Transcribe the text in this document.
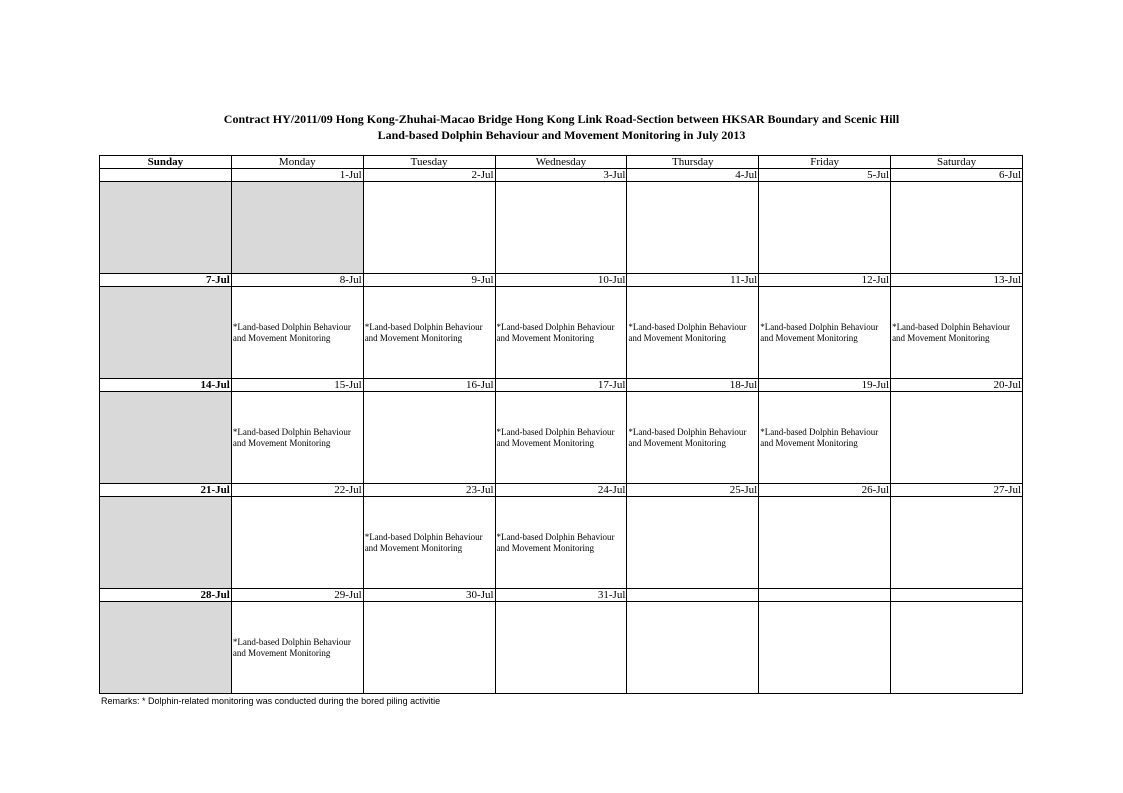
Contract HY/2011/09 Hong Kong-Zhuhai-Macao Bridge Hong Kong Link Road-Section between HKSAR Boundary and Scenic Hill
Land-based Dolphin Behaviour and Movement Monitoring in July 2013
Sunday	Monday	Tuesday	Wednesday	Thursday	Friday	Saturday
	1-Jul	2-Jul	3-Jul	4-Jul	5-Jul	6-Jul

7-Jul	8-Jul	9-Jul	10-Jul	11-Jul	12-Jul	13-Jul

	*Land-based Dolphin Behaviour
and Movement Monitoring	*Land-based Dolphin Behaviour
and Movement Monitoring	*Land-based Dolphin Behaviour
and Movement Monitoring	*Land-based Dolphin Behaviour
and Movement Monitoring	*Land-based Dolphin Behaviour
and Movement Monitoring	*Land-based Dolphin Behaviour
and Movement Monitoring

14-Jul	15-Jul	16-Jul	17-Jul	18-Jul	19-Jul	20-Jul

	*Land-based Dolphin Behaviour
and Movement Monitoring		*Land-based Dolphin Behaviour
and Movement Monitoring	*Land-based Dolphin Behaviour
and Movement Monitoring	*Land-based Dolphin Behaviour
and Movement Monitoring	

21-Jul	22-Jul	23-Jul	24-Jul	25-Jul	26-Jul	27-Jul

		*Land-based Dolphin Behaviour
and Movement Monitoring	*Land-based Dolphin Behaviour
and Movement Monitoring			

28-Jul	29-Jul	30-Jul	31-Jul			

	*Land-based Dolphin Behaviour
and Movement Monitoring					

Remarks: * Dolphin-related monitoring was conducted during the bored piling activitie
